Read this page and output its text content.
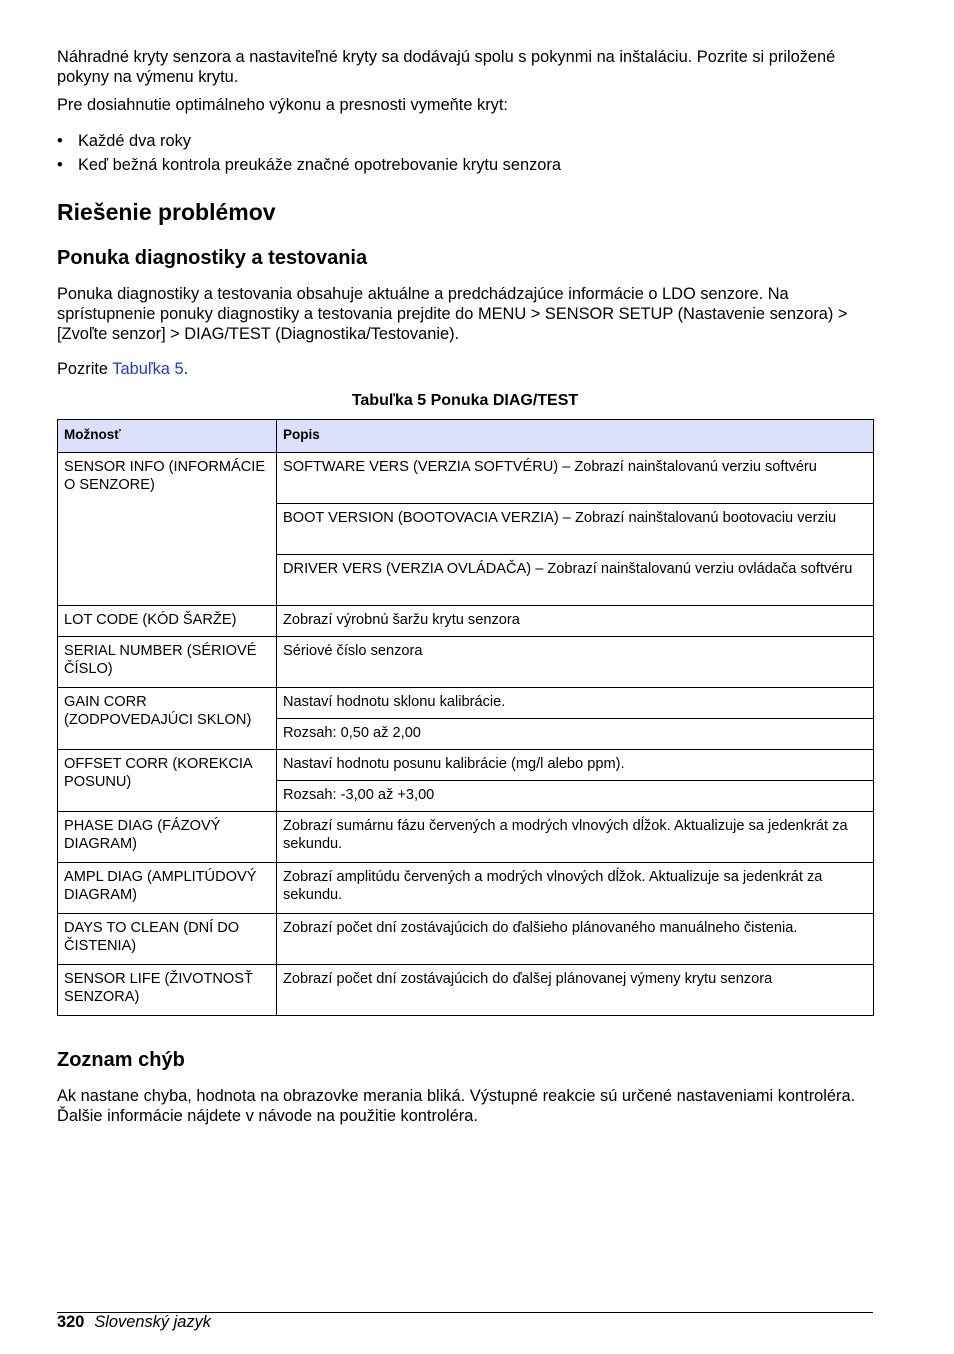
Náhradné kryty senzora a nastaviteľné kryty sa dodávajú spolu s pokynmi na inštaláciu. Pozrite si priložené pokyny na výmenu krytu.

Pre dosiahnutie optimálneho výkonu a presnosti vymeňte kryt:

• Každé dva roky
• Keď bežná kontrola preukáže značné opotrebovanie krytu senzora
Riešenie problémov
Ponuka diagnostiky a testovania

Ponuka diagnostiky a testovania obsahuje aktuálne a predchádzajúce informácie o LDO senzore. Na sprístupnenie ponuky diagnostiky a testovania prejdite do MENU > SENSOR SETUP (Nastavenie senzora) > [Zvoľte senzor] > DIAG/TEST (Diagnostika/Testovanie).

Pozrite Tabuľka 5.

Tabuľka 5 Ponuka DIAG/TEST
Možnosť	Popis
SENSOR INFO (INFORMÁCIE O SENZORE)	SOFTWARE VERS (VERZIA SOFTVÉRU) – Zobrazí nainštalovanú verziu softvéru
	BOOT VERSION (BOOTOVACIA VERZIA) – Zobrazí nainštalovanú bootovaciu verziu
	DRIVER VERS (VERZIA OVLÁDAČA) – Zobrazí nainštalovanú verziu ovládača softvéru
LOT CODE (KÓD ŠARŽE)	Zobrazí výrobnú šaržu krytu senzora
SERIAL NUMBER (SÉRIOVÉ ČÍSLO)	Sériové číslo senzora
GAIN CORR (ZODPOVEDAJÚCI SKLON)	Nastaví hodnotu sklonu kalibrácie.
	Rozsah: 0,50 až 2,00
OFFSET CORR (KOREKCIA POSUNU)	Nastaví hodnotu posunu kalibrácie (mg/l alebo ppm).
	Rozsah: -3,00 až +3,00
PHASE DIAG (FÁZOVÝ DIAGRAM)	Zobrazí sumárnu fázu červených a modrých vlnových dĺžok. Aktualizuje sa jedenkrát za sekundu.
AMPL DIAG (AMPLITÚDOVÝ DIAGRAM)	Zobrazí amplitúdu červených a modrých vlnových dĺžok. Aktualizuje sa jedenkrát za sekundu.
DAYS TO CLEAN (DNÍ DO ČISTENIA)	Zobrazí počet dní zostávajúcich do ďalšieho plánovaného manuálneho čistenia.
SENSOR LIFE (ŽIVOTNOSŤ SENZORA)	Zobrazí počet dní zostávajúcich do ďalšej plánovanej výmeny krytu senzora
Zoznam chýb

Ak nastane chyba, hodnota na obrazovke merania bliká. Výstupné reakcie sú určené nastaveniami kontroléra. Ďalšie informácie nájdete v návode na použitie kontroléra.

320 Slovenský jazyk
